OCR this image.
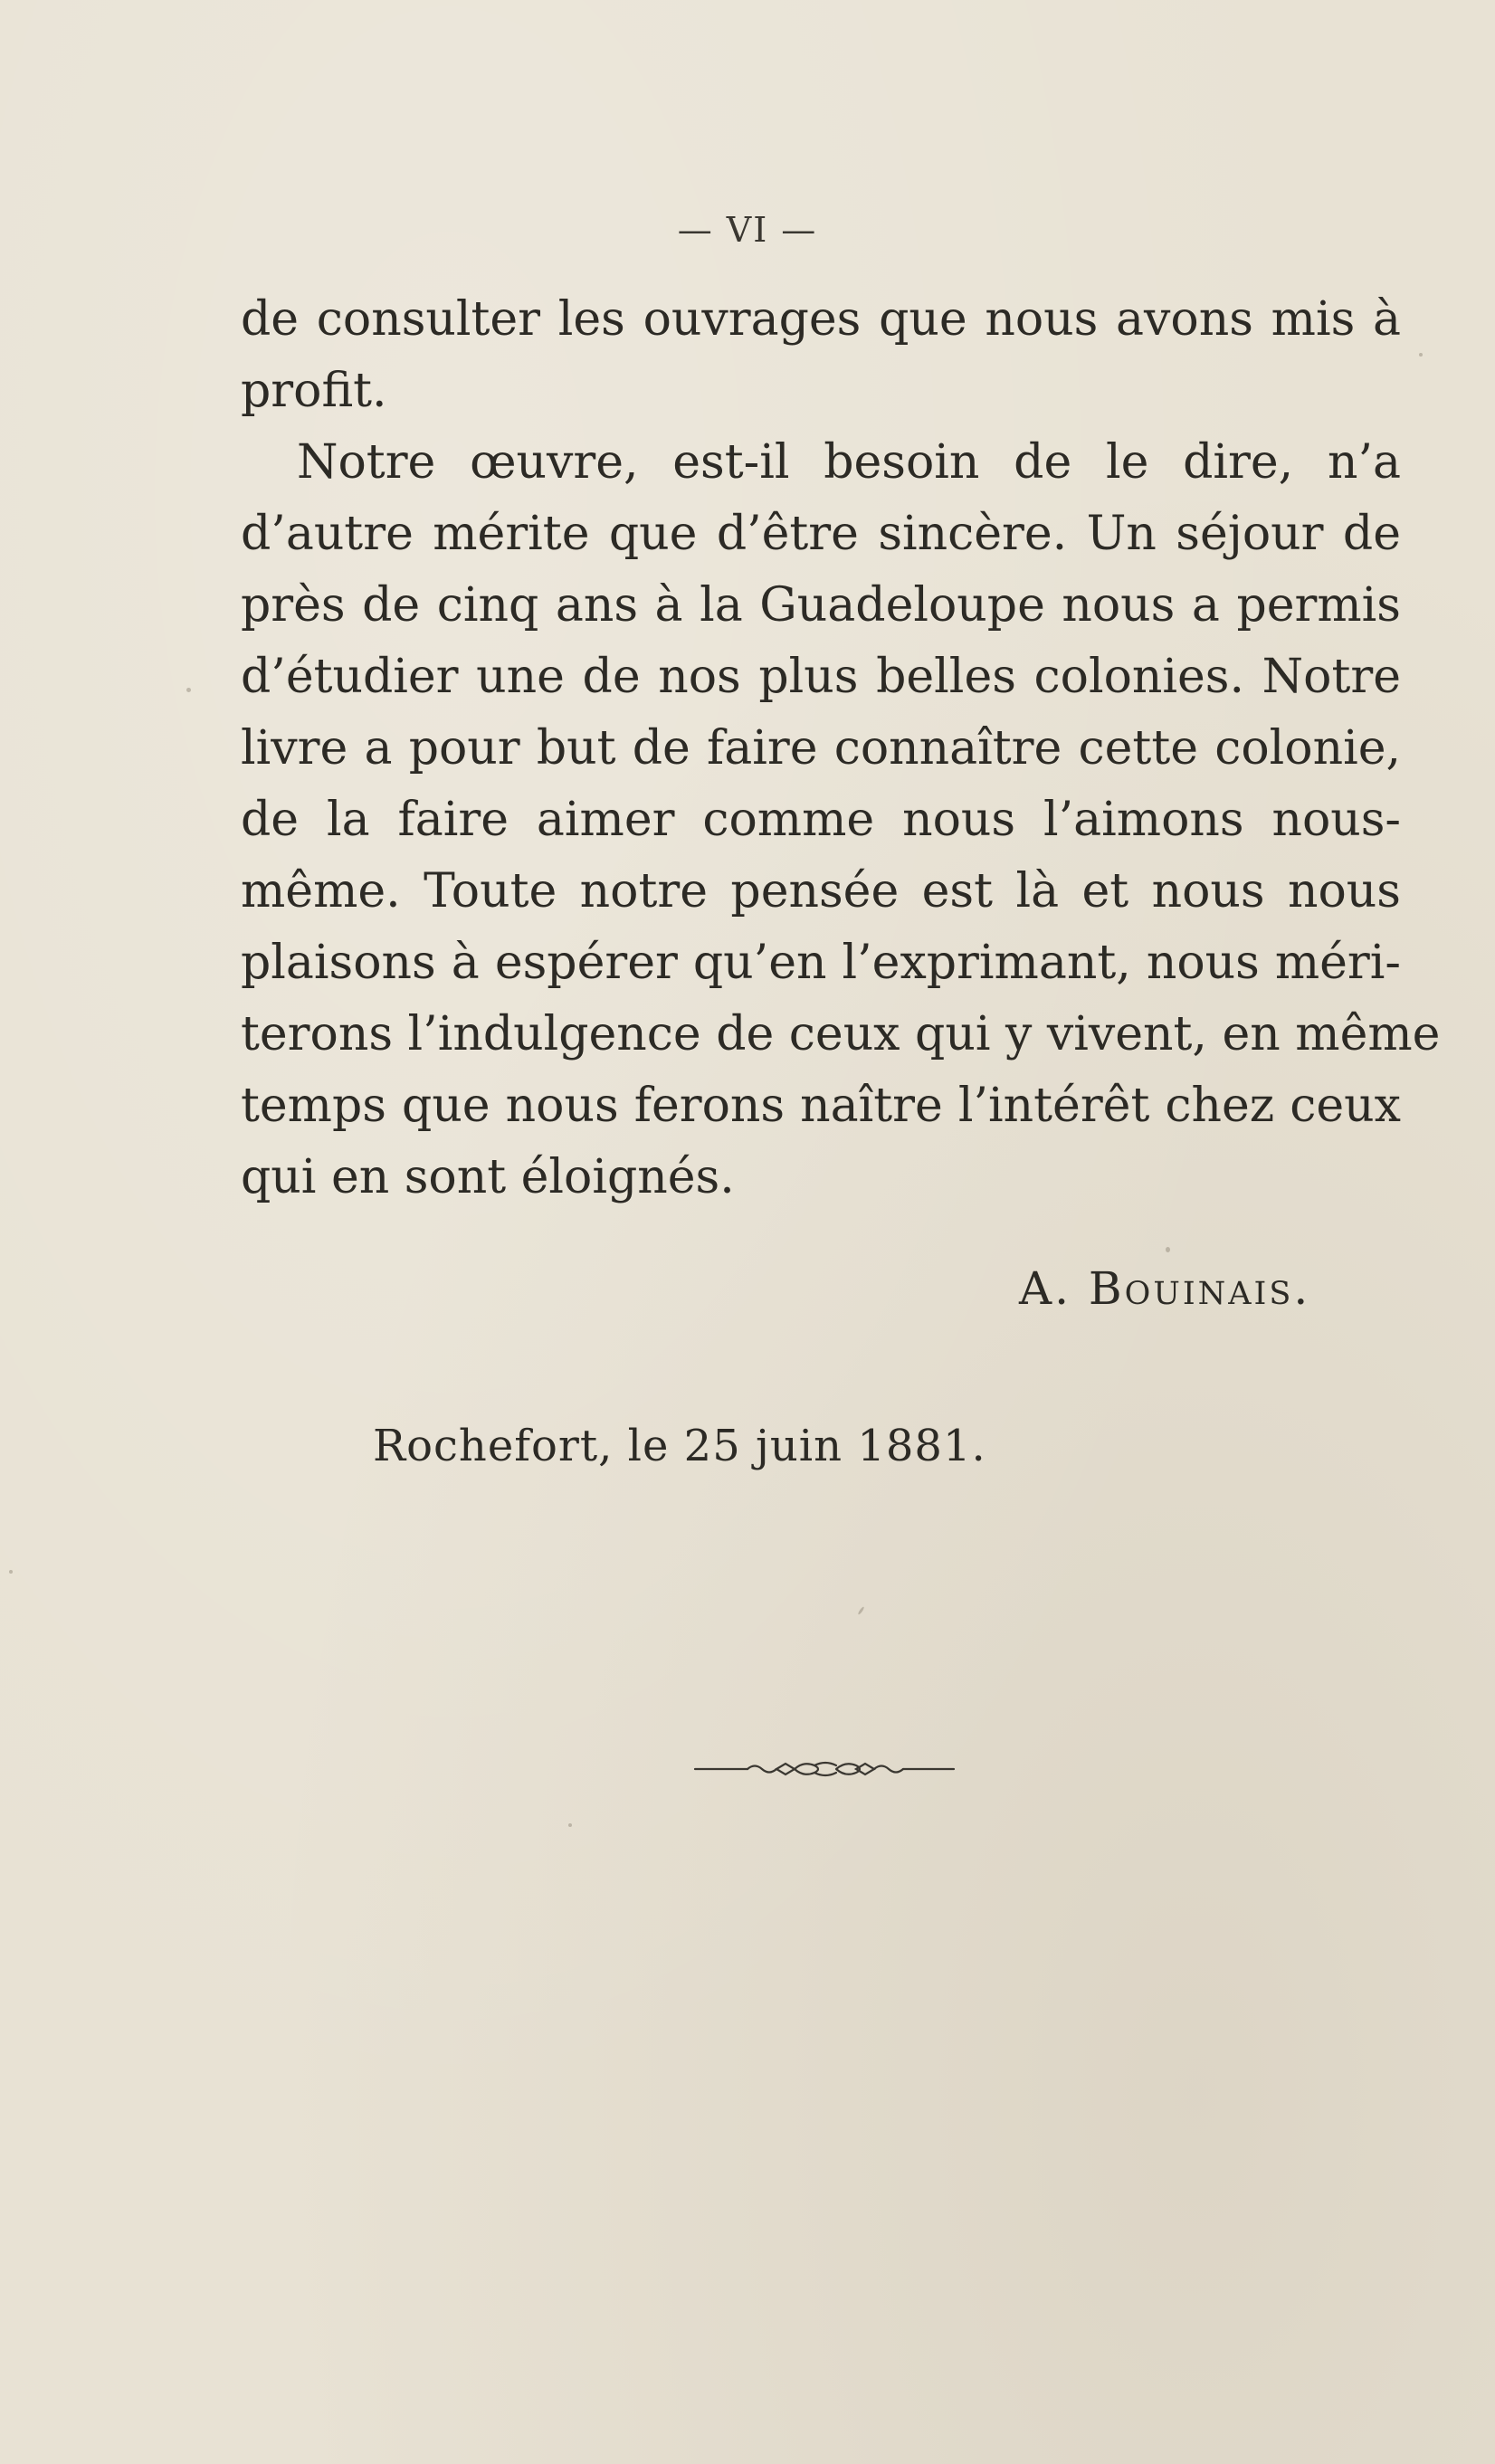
— VI —
de consulter les ouvrages que nous avons mis à
profit.
Notre œuvre, est-il besoin de le dire, n’a
d’autre mérite que d’être sincère. Un séjour de
près de cinq ans à la Guadeloupe nous a permis
d’étudier une de nos plus belles colonies. Notre
livre a pour but de faire connaître cette colonie,
de la faire aimer comme nous l’aimons nous-
même. Toute notre pensée est là et nous nous
plaisons à espérer qu’en l’exprimant, nous méri-
terons l’indulgence de ceux qui y vivent, en même
temps que nous ferons naître l’intérêt chez ceux
qui en sont éloignés.
A. Bouinais.
Rochefort, le 25 juin 1881.
